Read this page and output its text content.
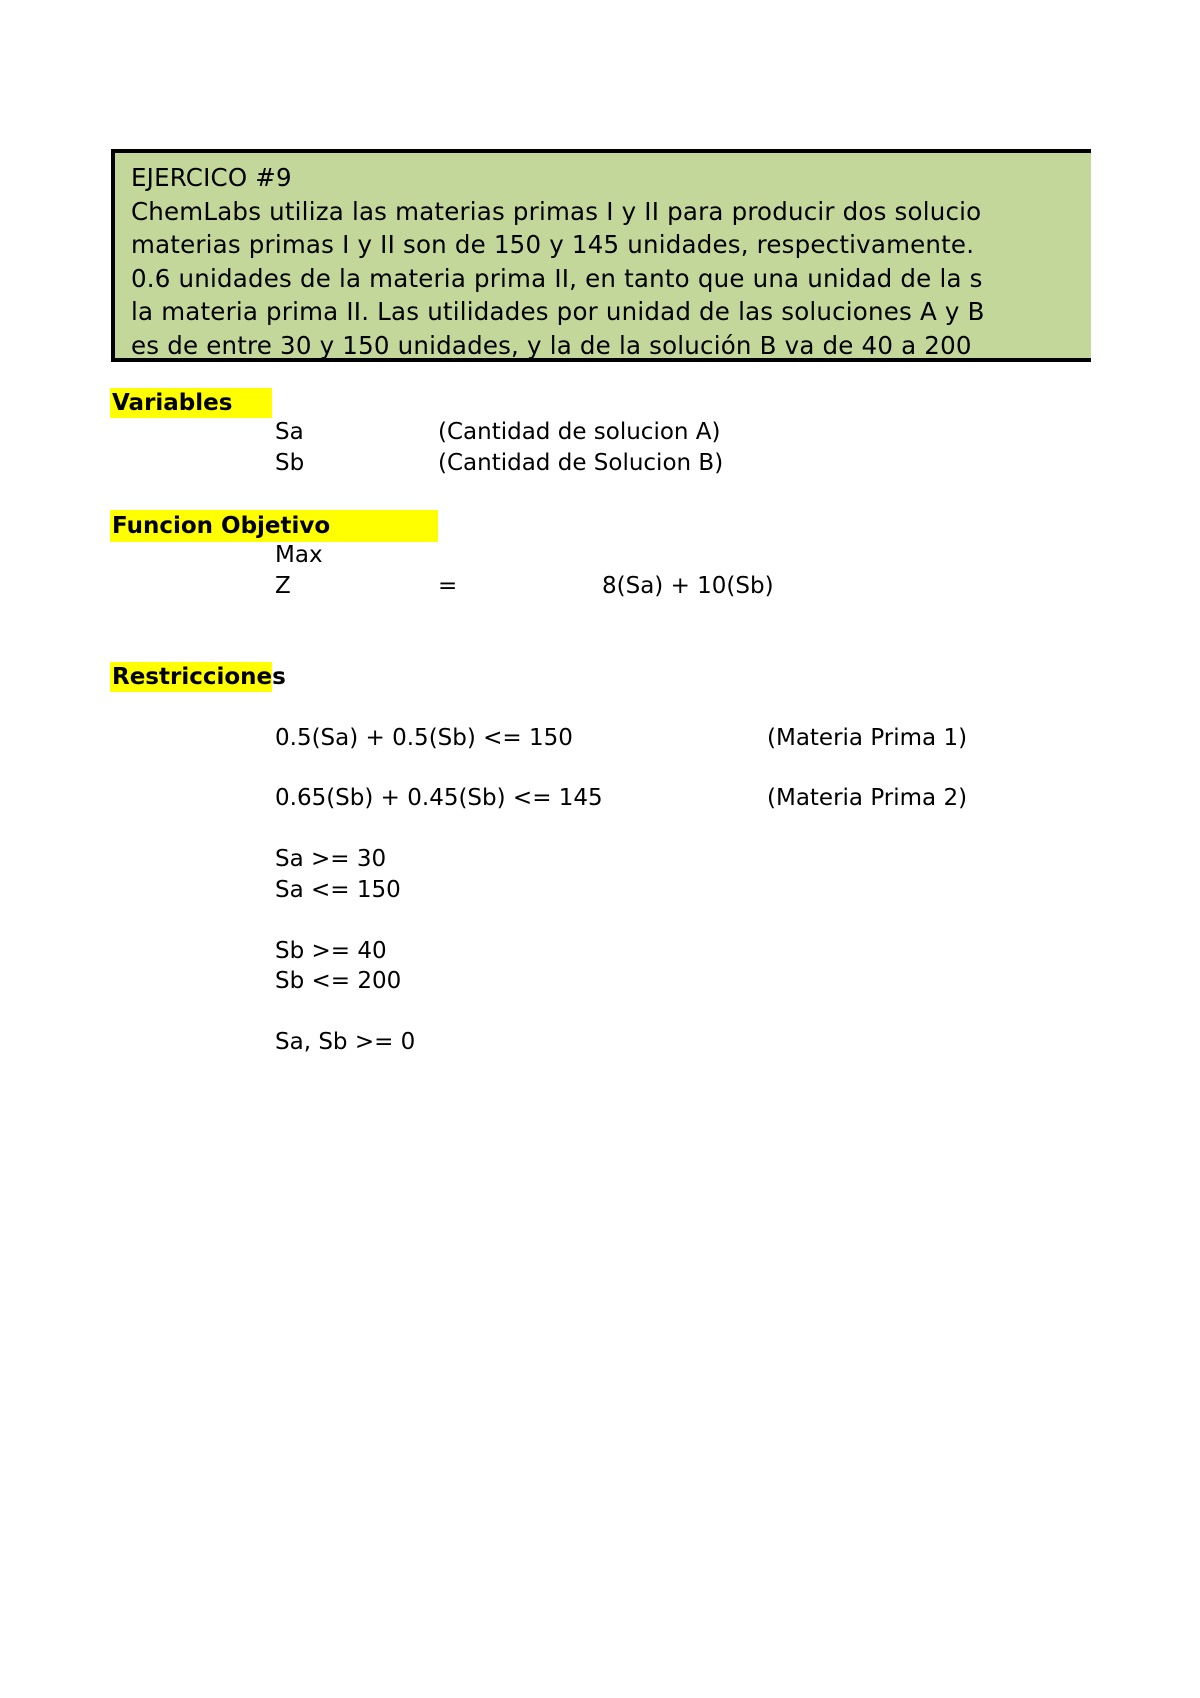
EJERCICO #9
ChemLabs utiliza las materias primas I y II para producir dos solucio
materias primas I y II son de 150 y 145 unidades, respectivamente.
0.6 unidades de la materia prima II, en tanto que una unidad de la s
la materia prima II. Las utilidades por unidad de las soluciones A y B
es de entre 30 y 150 unidades, y la de la solución B va de 40 a 200
Variables
Sa	(Cantidad de solucion A)
Sb	(Cantidad de Solucion B)
Funcion Objetivo
Max
Z	=	8(Sa) + 10(Sb)
Restricciones
0.5(Sa) + 0.5(Sb) <= 150	(Materia Prima 1)
0.65(Sb) + 0.45(Sb) <= 145	(Materia Prima 2)
Sa >= 30
Sa <= 150
Sb >= 40
Sb <= 200
Sa, Sb >= 0
